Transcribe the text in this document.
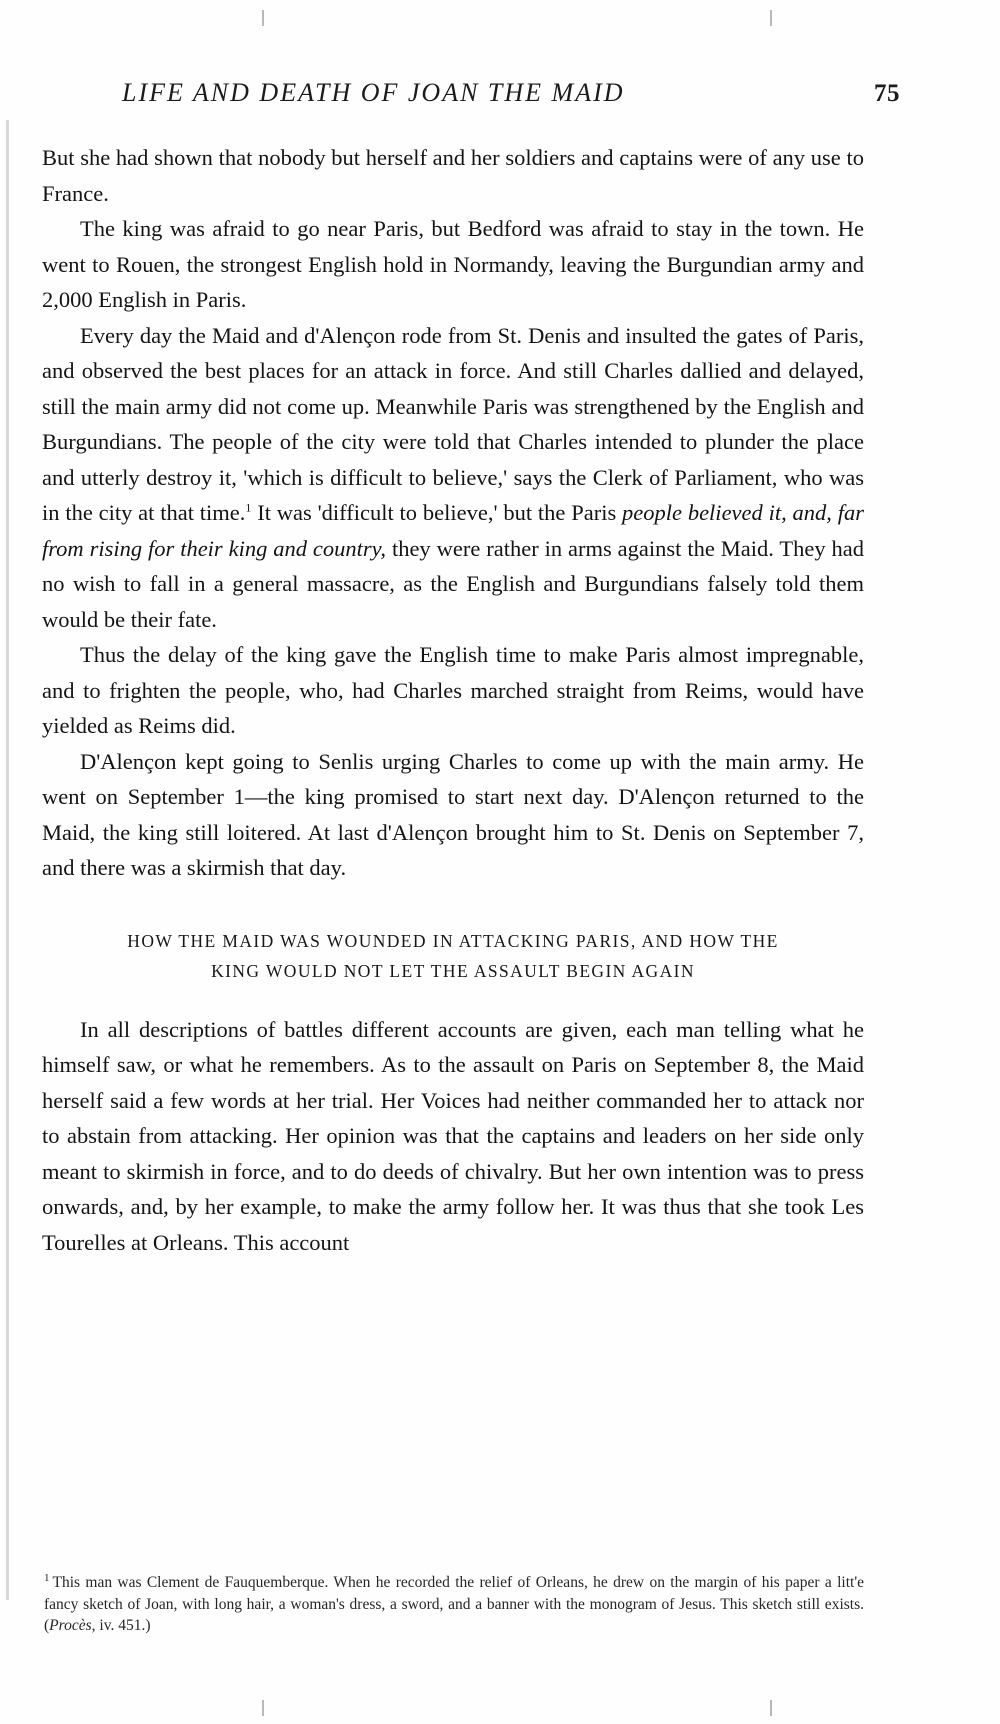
LIFE AND DEATH OF JOAN THE MAID	75

But she had shown that nobody but herself and her soldiers and captains were of any use to France.

The king was afraid to go near Paris, but Bedford was afraid to stay in the town. He went to Rouen, the strongest English hold in Normandy, leaving the Burgundian army and 2,000 English in Paris.

Every day the Maid and d'Alençon rode from St. Denis and insulted the gates of Paris, and observed the best places for an attack in force. And still Charles dallied and delayed, still the main army did not come up. Meanwhile Paris was strengthened by the English and Burgundians. The people of the city were told that Charles intended to plunder the place and utterly destroy it, 'which is difficult to believe,' says the Clerk of Parliament, who was in the city at that time.$^1$ It was 'difficult to believe,' but the Paris people believed it, and, far from rising for their king and country, they were rather in arms against the Maid. They had no wish to fall in a general massacre, as the English and Burgundians falsely told them would be their fate.

Thus the delay of the king gave the English time to make Paris almost impregnable, and to frighten the people, who, had Charles marched straight from Reims, would have yielded as Reims did.

D'Alençon kept going to Senlis urging Charles to come up with the main army. He went on September 1—the king promised to start next day. D'Alençon returned to the Maid, the king still loitered. At last d'Alençon brought him to St. Denis on September 7, and there was a skirmish that day.

HOW THE MAID WAS WOUNDED IN ATTACKING PARIS, AND HOW THE
KING WOULD NOT LET THE ASSAULT BEGIN AGAIN

In all descriptions of battles different accounts are given, each man telling what he himself saw, or what he remembers. As to the assault on Paris on September 8, the Maid herself said a few words at her trial. Her Voices had neither commanded her to attack nor to abstain from attacking. Her opinion was that the captains and leaders on her side only meant to skirmish in force, and to do deeds of chivalry. But her own intention was to press onwards, and, by her example, to make the army follow her. It was thus that she took Les Tourelles at Orleans. This account

$^1$ This man was Clement de Fauquemberque. When he recorded the relief of Orleans, he drew on the margin of his paper a litt'e fancy sketch of Joan, with long hair, a woman's dress, a sword, and a banner with the monogram of Jesus. This sketch still exists. (Procès, iv. 451.)
